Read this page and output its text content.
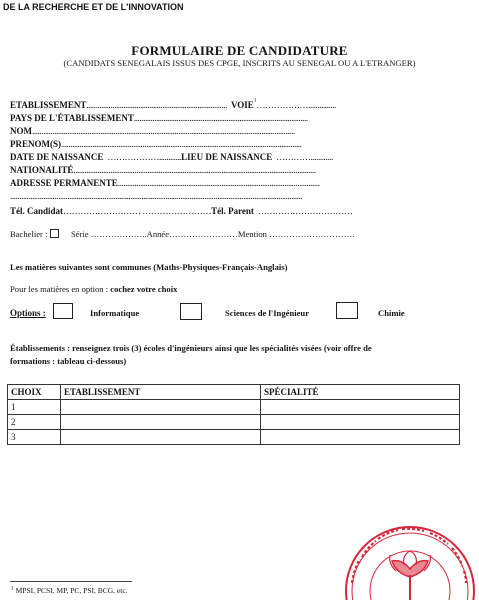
DE LA RECHERCHE ET DE L'INNOVATION
FORMULAIRE DE CANDIDATURE
(CANDIDATS SENEGALAIS ISSUS DES CPGE, INSCRITS AU SENEGAL OU A L'ETRANGER)
ETABLISSEMENT............................................................................ VOIE$^1$………………...............
PAYS DE L'ÉTABLISSEMENT..............................................................................................
NOM..............................................................................................................................................
PRENOM(S)..................................................................................................................................
DATE DE NAISSANCE ………………............LIEU DE NAISSANCE …………............
NATIONALITÉ...................................................................................................................................
ADRESSE PERMANENTE.............................................................................................................
..............................................................................................................................................................
Tél. Candidat……………………… ……………………Tél. Parent ……………………………
Bachelier :	Série ………………..Année……………………Mention …………………………
Les matières suivantes sont communes (Maths-Physiques-Français-Anglais)
Pour les matières en option : cochez votre choix
Options :	Informatique	Sciences de l'Ingénieur	Chimie
Établissements : renseignez trois (3) écoles d'ingénieurs ainsi que les spécialités visées (voir offre de
formations : tableau ci-dessous)
CHOIX	ETABLISSEMENT	SPÉCIALITÉ
1		
2		
3		
$^1$ MPSI, PCSI, MP, PC, PSI, BCG, etc.
